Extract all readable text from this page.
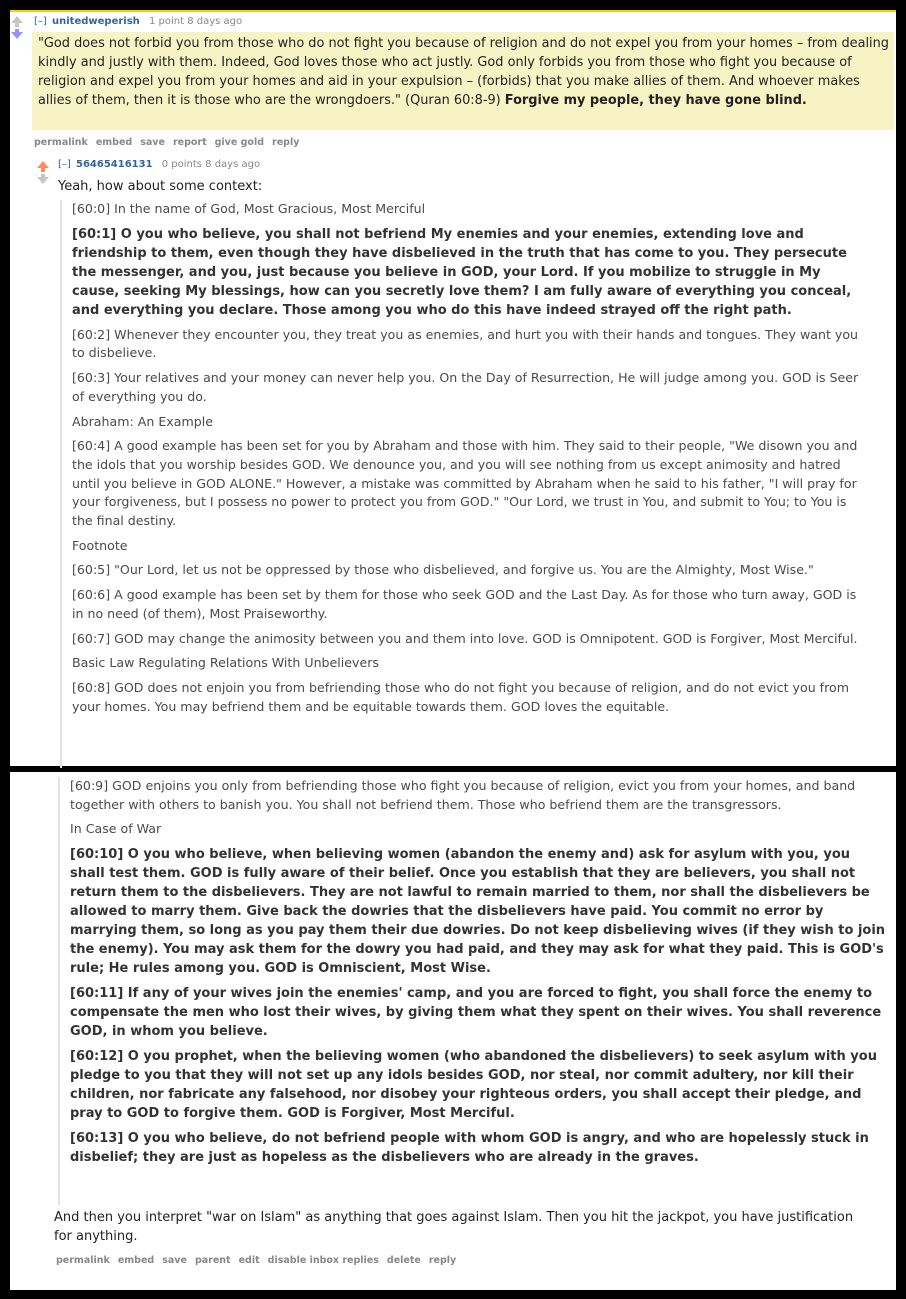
[–] unitedweperish 1 point 8 days ago
"God does not forbid you from those who do not fight you because of religion and do not expel you from your homes – from dealing kindly and justly with them. Indeed, God loves those who act justly. God only forbids you from those who fight you because of religion and expel you from your homes and aid in your expulsion – (forbids) that you make allies of them. And whoever makes allies of them, then it is those who are the wrongdoers." (Quran 60:8-9) Forgive my people, they have gone blind.
permalink embed save report give gold reply
[–] 56465416131 0 points 8 days ago
Yeah, how about some context:

[60:0] In the name of God, Most Gracious, Most Merciful

[60:1] O you who believe, you shall not befriend My enemies and your enemies, extending love and friendship to them, even though they have disbelieved in the truth that has come to you. They persecute the messenger, and you, just because you believe in GOD, your Lord. If you mobilize to struggle in My cause, seeking My blessings, how can you secretly love them? I am fully aware of everything you conceal, and everything you declare. Those among you who do this have indeed strayed off the right path.

[60:2] Whenever they encounter you, they treat you as enemies, and hurt you with their hands and tongues. They want you to disbelieve.

[60:3] Your relatives and your money can never help you. On the Day of Resurrection, He will judge among you. GOD is Seer of everything you do.

Abraham: An Example

[60:4] A good example has been set for you by Abraham and those with him. They said to their people, "We disown you and the idols that you worship besides GOD. We denounce you, and you will see nothing from us except animosity and hatred until you believe in GOD ALONE." However, a mistake was committed by Abraham when he said to his father, "I will pray for your forgiveness, but I possess no power to protect you from GOD." "Our Lord, we trust in You, and submit to You; to You is the final destiny.

Footnote

[60:5] "Our Lord, let us not be oppressed by those who disbelieved, and forgive us. You are the Almighty, Most Wise."

[60:6] A good example has been set by them for those who seek GOD and the Last Day. As for those who turn away, GOD is in no need (of them), Most Praiseworthy.

[60:7] GOD may change the animosity between you and them into love. GOD is Omnipotent. GOD is Forgiver, Most Merciful.

Basic Law Regulating Relations With Unbelievers

[60:8] GOD does not enjoin you from befriending those who do not fight you because of religion, and do not evict you from your homes. You may befriend them and be equitable towards them. GOD loves the equitable.

[60:9] GOD enjoins you only from befriending those who fight you because of religion, evict you from your homes, and band together with others to banish you. You shall not befriend them. Those who befriend them are the transgressors.

In Case of War

[60:10] O you who believe, when believing women (abandon the enemy and) ask for asylum with you, you shall test them. GOD is fully aware of their belief. Once you establish that they are believers, you shall not return them to the disbelievers. They are not lawful to remain married to them, nor shall the disbelievers be allowed to marry them. Give back the dowries that the disbelievers have paid. You commit no error by marrying them, so long as you pay them their due dowries. Do not keep disbelieving wives (if they wish to join the enemy). You may ask them for the dowry you had paid, and they may ask for what they paid. This is GOD's rule; He rules among you. GOD is Omniscient, Most Wise.

[60:11] If any of your wives join the enemies' camp, and you are forced to fight, you shall force the enemy to compensate the men who lost their wives, by giving them what they spent on their wives. You shall reverence GOD, in whom you believe.

[60:12] O you prophet, when the believing women (who abandoned the disbelievers) to seek asylum with you pledge to you that they will not set up any idols besides GOD, nor steal, nor commit adultery, nor kill their children, nor fabricate any falsehood, nor disobey your righteous orders, you shall accept their pledge, and pray to GOD to forgive them. GOD is Forgiver, Most Merciful.

[60:13] O you who believe, do not befriend people with whom GOD is angry, and who are hopelessly stuck in disbelief; they are just as hopeless as the disbelievers who are already in the graves.

And then you interpret "war on Islam" as anything that goes against Islam. Then you hit the jackpot, you have justification for anything.
permalink embed save parent edit disable inbox replies delete reply
